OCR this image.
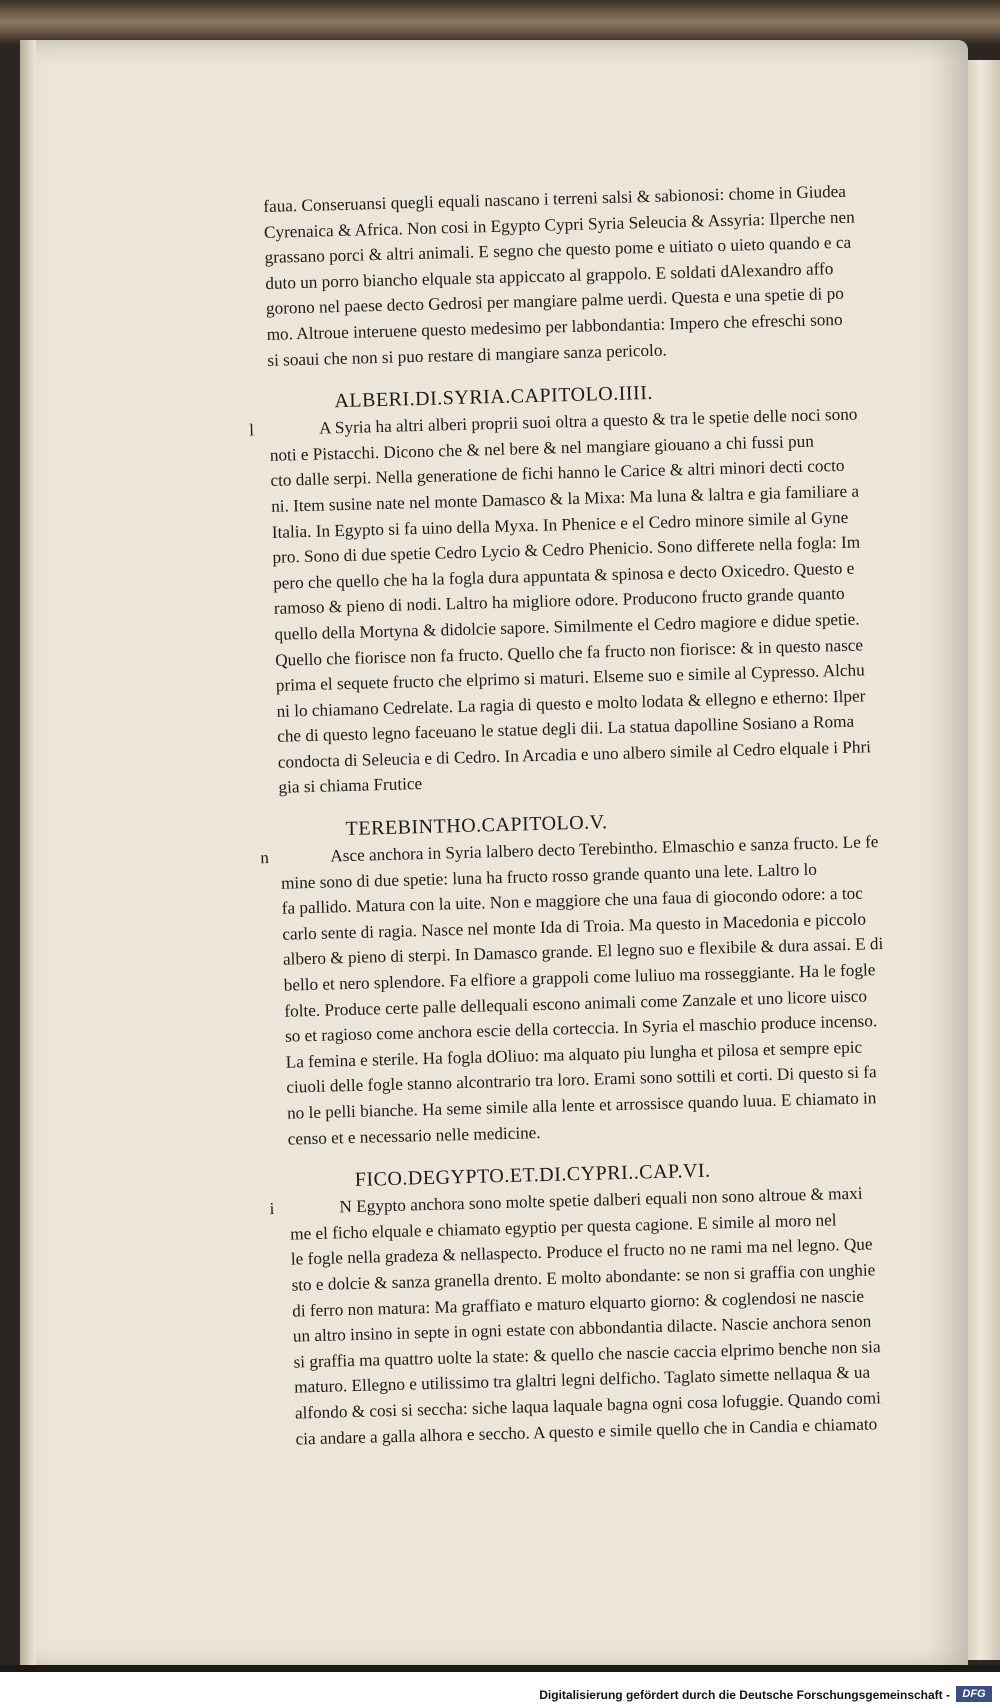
faua. Conseruansi quegli equali nascano i terreni salsi & sabionosi: chome in Giudea
Cyrenaica & Africa. Non cosi in Egypto Cypri Syria Seleucia & Assyria: Ilperche nen
grassano porci & altri animali. E segno che questo pome e uitiato o uieto quando e ca
duto un porro biancho elquale sta appiccato al grappolo. E soldati dAlexandro affo
gorono nel paese decto Gedrosi per mangiare palme uerdi. Questa e una spetie di po
mo. Altroue interuene questo medesimo per labbondantia: Impero che efreschi sono
si soaui che non si puo restare di mangiare sanza pericolo.
ALBERI.DI.SYRIA.CAPITOLO.IIII.
l	A Syria ha altri alberi proprii suoi oltra a questo & tra le spetie delle noci sono
noti e Pistacchi. Dicono che & nel bere & nel mangiare giouano a chi fussi pun
cto dalle serpi. Nella generatione de fichi hanno le Carice & altri minori decti cocto
ni. Item susine nate nel monte Damasco & la Mixa: Ma luna & laltra e gia familiare a
Italia. In Egypto si fa uino della Myxa. In Phenice e el Cedro minore simile al Gyne
pro. Sono di due spetie Cedro Lycio & Cedro Phenicio. Sono differete nella fogla: Im
pero che quello che ha la fogla dura appuntata & spinosa e decto Oxicedro. Questo e
ramoso & pieno di nodi. Laltro ha migliore odore. Producono fructo grande quanto
quello della Mortyna & didolcie sapore. Similmente el Cedro magiore e didue spetie.
Quello che fiorisce non fa fructo. Quello che fa fructo non fiorisce: & in questo nasce
prima el sequete fructo che elprimo si maturi. Elseme suo e simile al Cypresso. Alchu
ni lo chiamano Cedrelate. La ragia di questo e molto lodata & ellegno e etherno: Ilper
che di questo legno faceuano le statue degli dii. La statua dapolline Sosiano a Roma
condocta di Seleucia e di Cedro. In Arcadia e uno albero simile al Cedro elquale i Phri
gia si chiama Frutice
TEREBINTHO.CAPITOLO.V.
n	Asce anchora in Syria lalbero decto Terebintho. Elmaschio e sanza fructo. Le fe
mine sono di due spetie: luna ha fructo rosso grande quanto una lete. Laltro lo
fa pallido. Matura con la uite. Non e maggiore che una faua di giocondo odore: a toc
carlo sente di ragia. Nasce nel monte Ida di Troia. Ma questo in Macedonia e piccolo
albero & pieno di sterpi. In Damasco grande. El legno suo e flexibile & dura assai. E di
bello et nero splendore. Fa elfiore a grappoli come luliuo ma rosseggiante. Ha le fogle
folte. Produce certe palle dellequali escono animali come Zanzale et uno licore uisco
so et ragioso come anchora escie della corteccia. In Syria el maschio produce incenso.
La femina e sterile. Ha fogla dOliuo: ma alquato piu lungha et pilosa et sempre epic
ciuoli delle fogle stanno alcontrario tra loro. Erami sono sottili et corti. Di questo si fa
no le pelli bianche. Ha seme simile alla lente et arrossisce quando luua. E chiamato in
censo et e necessario nelle medicine.
FICO.DEGYPTO.ET.DI.CYPRI..CAP.VI.
i	N Egypto anchora sono molte spetie dalberi equali non sono altroue & maxi
me el ficho elquale e chiamato egyptio per questa cagione. E simile al moro nel
le fogle nella gradeza & nellaspecto. Produce el fructo no ne rami ma nel legno. Que
sto e dolcie & sanza granella drento. E molto abondante: se non si graffia con unghie
di ferro non matura: Ma graffiato e maturo elquarto giorno: & coglendosi ne nascie
un altro insino in septe in ogni estate con abbondantia dilacte. Nascie anchora senon
si graffia ma quattro uolte la state: & quello che nascie caccia elprimo benche non sia
maturo. Ellegno e utilissimo tra glaltri legni delficho. Taglato simette nellaqua & ua
alfondo & cosi si seccha: siche laqua laquale bagna ogni cosa lofuggie. Quando comi
cia andare a galla alhora e seccho. A questo e simile quello che in Candia e chiamato
Digitalisierung gefördert durch die Deutsche Forschungsgemeinschaft -	DFG
